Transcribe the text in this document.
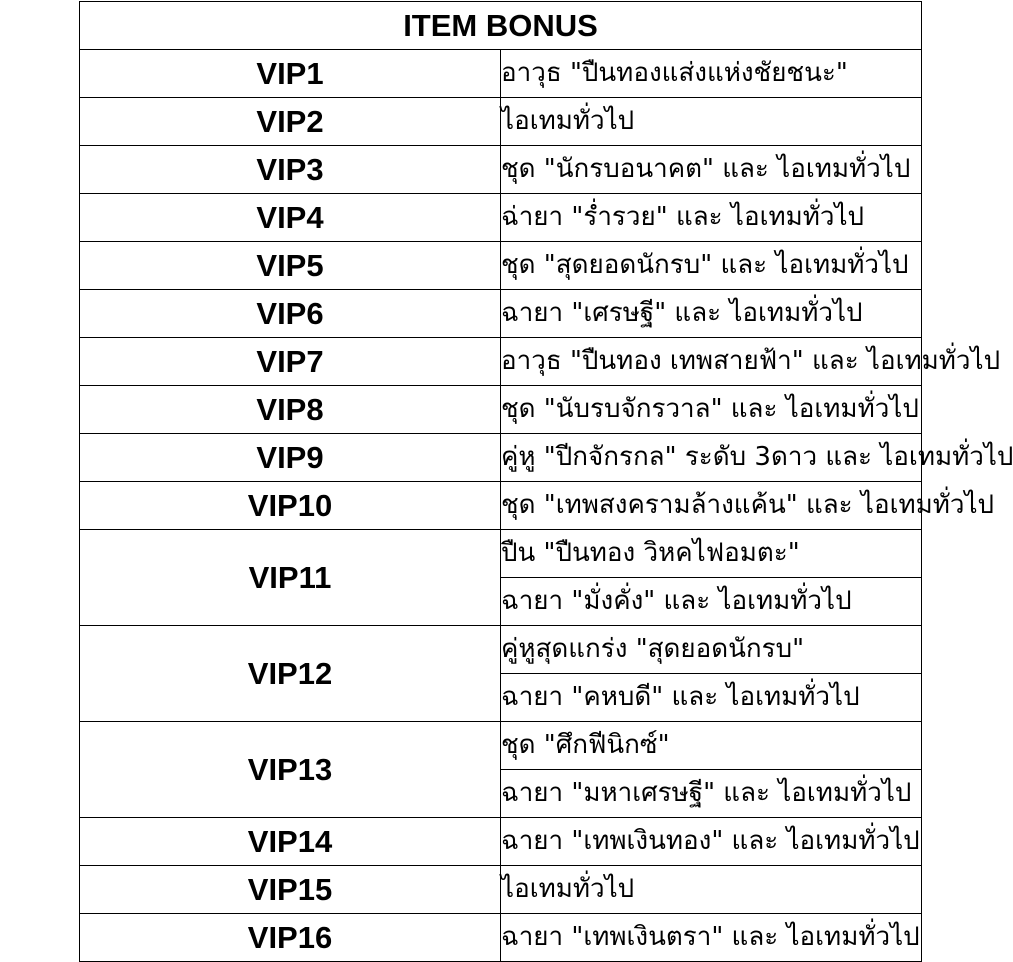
ITEM BONUS	
VIP1	อาวุธ "ปืนทองแส่งแห่งชัยชนะ"
VIP2	ไอเทมทั่วไป
VIP3	ชุด "นักรบอนาคต" และ ไอเทมทั่วไป
VIP4	ฉ่ายา "ร่ำรวย" และ ไอเทมทั่วไป
VIP5	ชุด "สุดยอดนักรบ" และ ไอเทมทั่วไป
VIP6	ฉายา "เศรษฐี" และ ไอเทมทั่วไป
VIP7	อาวุธ "ปืนทอง เทพสายฟ้า" และ ไอเทมทั่วไป
VIP8	ชุด "นับรบจักรวาล" และ ไอเทมทั่วไป
VIP9	คู่หู "ปีกจักรกล" ระดับ 3ดาว และ ไอเทมทั่วไป
VIP10	ชุด "เทพสงครามล้างแค้น" และ ไอเทมทั่วไป
VIP11	ปืน "ปืนทอง วิหคไฟอมตะ"
	ฉายา "มั่งคั่ง" และ ไอเทมทั่วไป
VIP12	คู่หูสุดแกร่ง "สุดยอดนักรบ"
	ฉายา "คหบดี" และ ไอเทมทั่วไป
VIP13	ชุด "ศึกฟีนิกซ์"
	ฉายา "มหาเศรษฐี" และ ไอเทมทั่วไป
VIP14	ฉายา "เทพเงินทอง" และ ไอเทมทั่วไป
VIP15	ไอเทมทั่วไป
VIP16	ฉายา "เทพเงินตรา" และ ไอเทมทั่วไป
